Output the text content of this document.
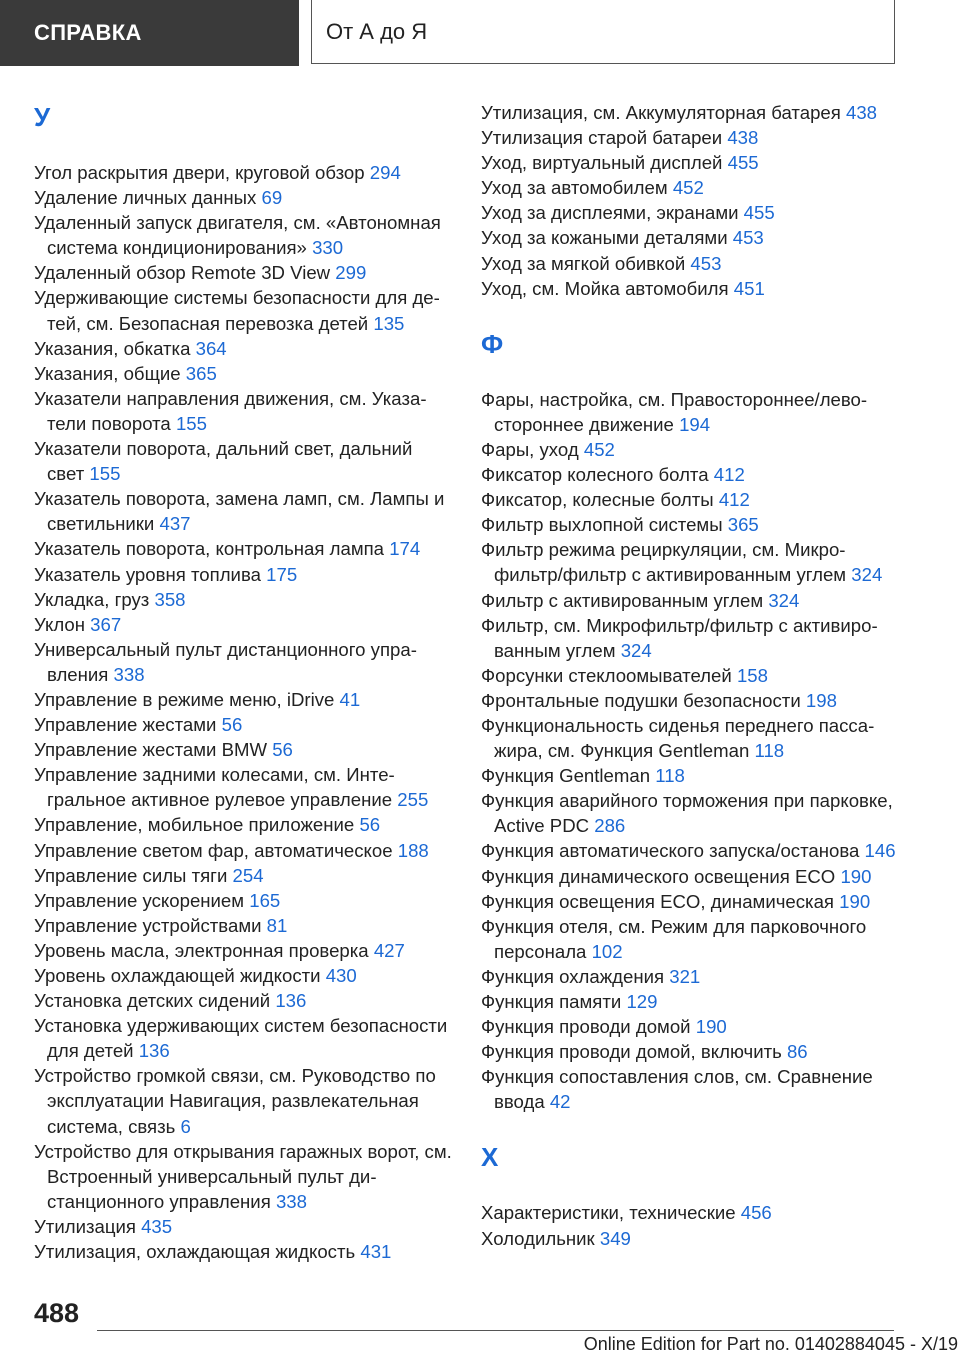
СПРАВКА	От А до Я
У
Угол раскрытия двери, круговой обзор 294
Удаление личных данных 69
Удаленный запуск двигателя, см. «Автономная система кондиционирования» 330
Удаленный обзор Remote 3D View 299
Удерживающие системы безопасности для детей, см. Безопасная перевозка детей 135
Указания, обкатка 364
Указания, общие 365
Указатели направления движения, см. Указатели поворота 155
Указатели поворота, дальний свет, дальний свет 155
Указатель поворота, замена ламп, см. Лампы и светильники 437
Указатель поворота, контрольная лампа 174
Указатель уровня топлива 175
Укладка, груз 358
Уклон 367
Универсальный пульт дистанционного управления 338
Управление в режиме меню, iDrive 41
Управление жестами 56
Управление жестами BMW 56
Управление задними колесами, см. Интегральное активное рулевое управление 255
Управление, мобильное приложение 56
Управление светом фар, автоматическое 188
Управление силы тяги 254
Управление ускорением 165
Управление устройствами 81
Уровень масла, электронная проверка 427
Уровень охлаждающей жидкости 430
Установка детских сидений 136
Установка удерживающих систем безопасности для детей 136
Устройство громкой связи, см. Руководство по эксплуатации Навигация, развлекательная система, связь 6
Устройство для открывания гаражных ворот, см. Встроенный универсальный пульт дистанционного управления 338
Утилизация 435
Утилизация, охлаждающая жидкость 431
Утилизация, см. Аккумуляторная батарея 438
Утилизация старой батареи 438
Уход, виртуальный дисплей 455
Уход за автомобилем 452
Уход за дисплеями, экранами 455
Уход за кожаными деталями 453
Уход за мягкой обивкой 453
Уход, см. Мойка автомобиля 451
Ф
Фары, настройка, см. Правостороннее/левостороннее движение 194
Фары, уход 452
Фиксатор колесного болта 412
Фиксатор, колесные болты 412
Фильтр выхлопной системы 365
Фильтр режима рециркуляции, см. Микрофильтр/фильтр с активированным углем 324
Фильтр с активированным углем 324
Фильтр, см. Микрофильтр/фильтр с активированным углем 324
Форсунки стеклоомывателей 158
Фронтальные подушки безопасности 198
Функциональность сиденья переднего пассажира, см. Функция Gentleman 118
Функция Gentleman 118
Функция аварийного торможения при парковке, Active PDC 286
Функция автоматического запуска/останова 146
Функция динамического освещения ECO 190
Функция освещения ECO, динамическая 190
Функция отеля, см. Режим для парковочного персонала 102
Функция охлаждения 321
Функция памяти 129
Функция проводи домой 190
Функция проводи домой, включить 86
Функция сопоставления слов, см. Сравнение ввода 42
Х
Характеристики, технические 456
Холодильник 349
488
Online Edition for Part no. 01402884045 - X/19
